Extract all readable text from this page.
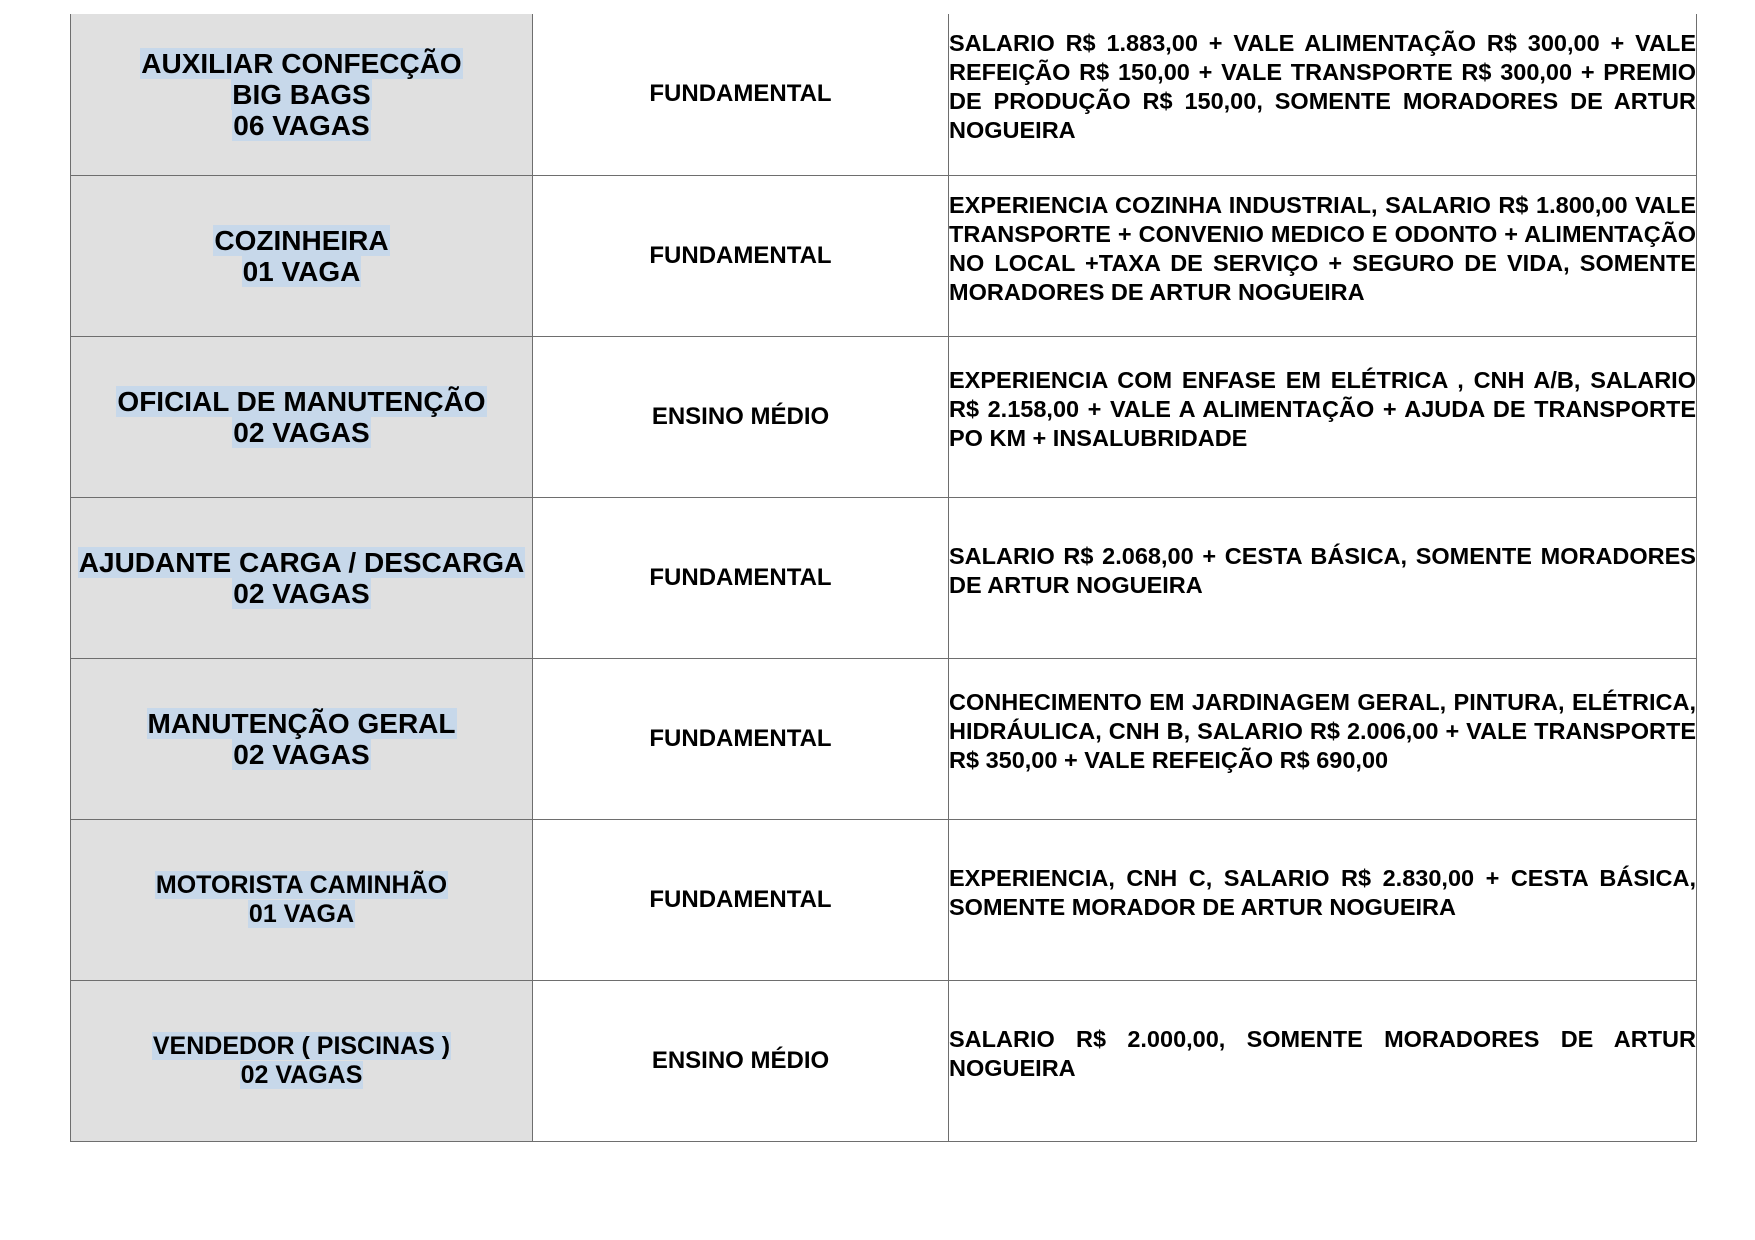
AUXILIAR CONFECÇÃO
BIG BAGS
06 VAGAS	FUNDAMENTAL	SALARIO R$ 1.883,00 + VALE ALIMENTAÇÃO R$ 300,00 + VALE REFEIÇÃO R$ 150,00 + VALE TRANSPORTE R$ 300,00 + PREMIO DE PRODUÇÃO R$ 150,00, SOMENTE MORADORES DE ARTUR NOGUEIRA

COZINHEIRA
01 VAGA	FUNDAMENTAL	EXPERIENCIA COZINHA INDUSTRIAL, SALARIO R$ 1.800,00 VALE TRANSPORTE + CONVENIO MEDICO E ODONTO + ALIMENTAÇÃO NO LOCAL +TAXA DE SERVIÇO + SEGURO DE VIDA, SOMENTE MORADORES DE ARTUR NOGUEIRA

OFICIAL DE MANUTENÇÃO
02 VAGAS	ENSINO MÉDIO	EXPERIENCIA COM ENFASE EM ELÉTRICA , CNH A/B, SALARIO R$ 2.158,00 + VALE A ALIMENTAÇÃO + AJUDA DE TRANSPORTE PO KM + INSALUBRIDADE

AJUDANTE CARGA / DESCARGA
02 VAGAS	FUNDAMENTAL	SALARIO R$ 2.068,00 + CESTA BÁSICA, SOMENTE MORADORES DE ARTUR NOGUEIRA

MANUTENÇÃO GERAL
02 VAGAS	FUNDAMENTAL	CONHECIMENTO EM JARDINAGEM GERAL, PINTURA, ELÉTRICA, HIDRÁULICA, CNH B, SALARIO R$ 2.006,00 + VALE TRANSPORTE R$ 350,00 + VALE REFEIÇÃO R$ 690,00

MOTORISTA CAMINHÃO
01 VAGA	FUNDAMENTAL	EXPERIENCIA, CNH C, SALARIO R$ 2.830,00 + CESTA BÁSICA, SOMENTE MORADOR DE ARTUR NOGUEIRA

VENDEDOR ( PISCINAS )
02 VAGAS	ENSINO MÉDIO	SALARIO R$ 2.000,00, SOMENTE MORADORES DE ARTUR NOGUEIRA
